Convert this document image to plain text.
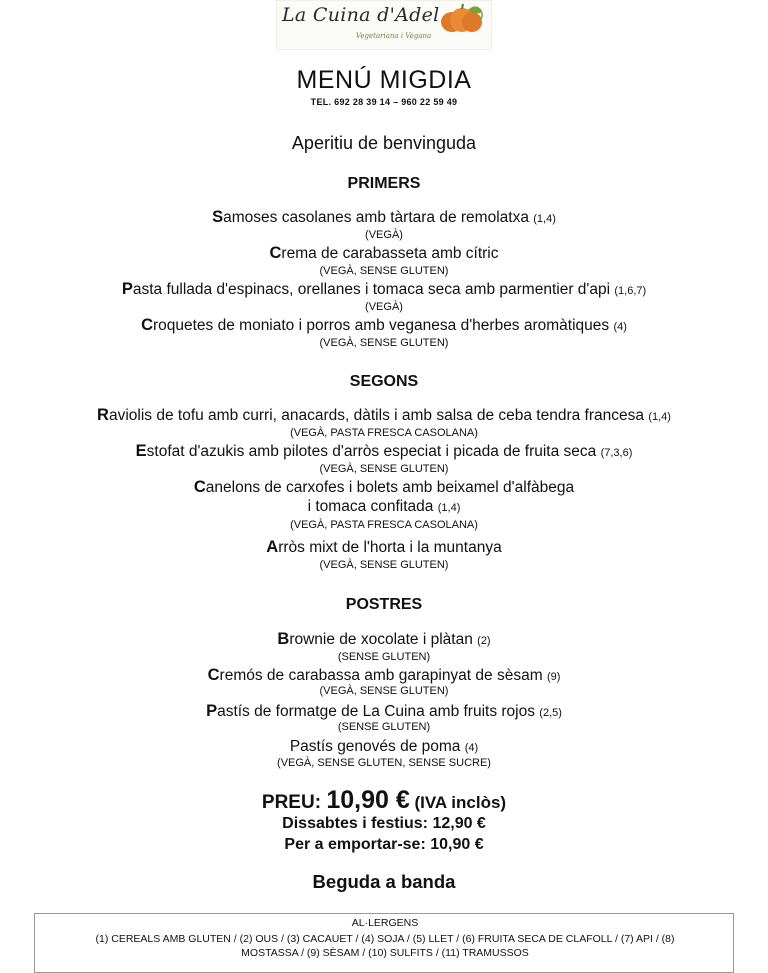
La Cuina d'Adel
Vegetariana i Vegana
MENÚ MIGDIA
TEL. 692 28 39 14 – 960 22 59 49
Aperitiu de benvinguda
PRIMERS
Samoses casolanes amb tàrtara de remolatxa (1,4)
(VEGÀ)
Crema de carabasseta amb cítric
(VEGÀ, SENSE GLUTEN)
Pasta fullada d'espinacs, orellanes i tomaca seca amb parmentier d'api (1,6,7)
(VEGÀ)
Croquetes de moniato i porros amb veganesa d'herbes aromàtiques (4)
(VEGÀ, SENSE GLUTEN)
SEGONS
Raviolis de tofu amb curri, anacards, dàtils i amb salsa de ceba tendra francesa (1,4)
(VEGÀ, PASTA FRESCA CASOLANA)
Estofat d'azukis amb pilotes d'arròs especiat i picada de fruita seca (7,3,6)
(VEGÀ, SENSE GLUTEN)
Canelons de carxofes i bolets amb beixamel d'alfàbega
i tomaca confitada (1,4)
(VEGÀ, PASTA FRESCA CASOLANA)
Arròs mixt de l'horta i la muntanya
(VEGÀ, SENSE GLUTEN)
POSTRES
Brownie de xocolate i plàtan (2)
(SENSE GLUTEN)
Cremós de carabassa amb garapinyat de sèsam (9)
(VEGÀ, SENSE GLUTEN)
Pastís de formatge de La Cuina amb fruits rojos (2,5)
(SENSE GLUTEN)
Pastís genovés de poma (4)
(VEGÀ, SENSE GLUTEN, SENSE SUCRE)
PREU: 10,90 € (IVA inclòs)
Dissabtes i festius: 12,90 €
Per a emportar-se: 10,90 €
Beguda a banda
AL·LERGENS
(1) CEREALS AMB GLUTEN / (2) OUS / (3) CACAUET / (4) SOJA / (5) LLET / (6) FRUITA SECA DE CLAFOLL / (7) API / (8)
MOSTASSA / (9) SÈSAM / (10) SULFITS / (11) TRAMUSSOS
